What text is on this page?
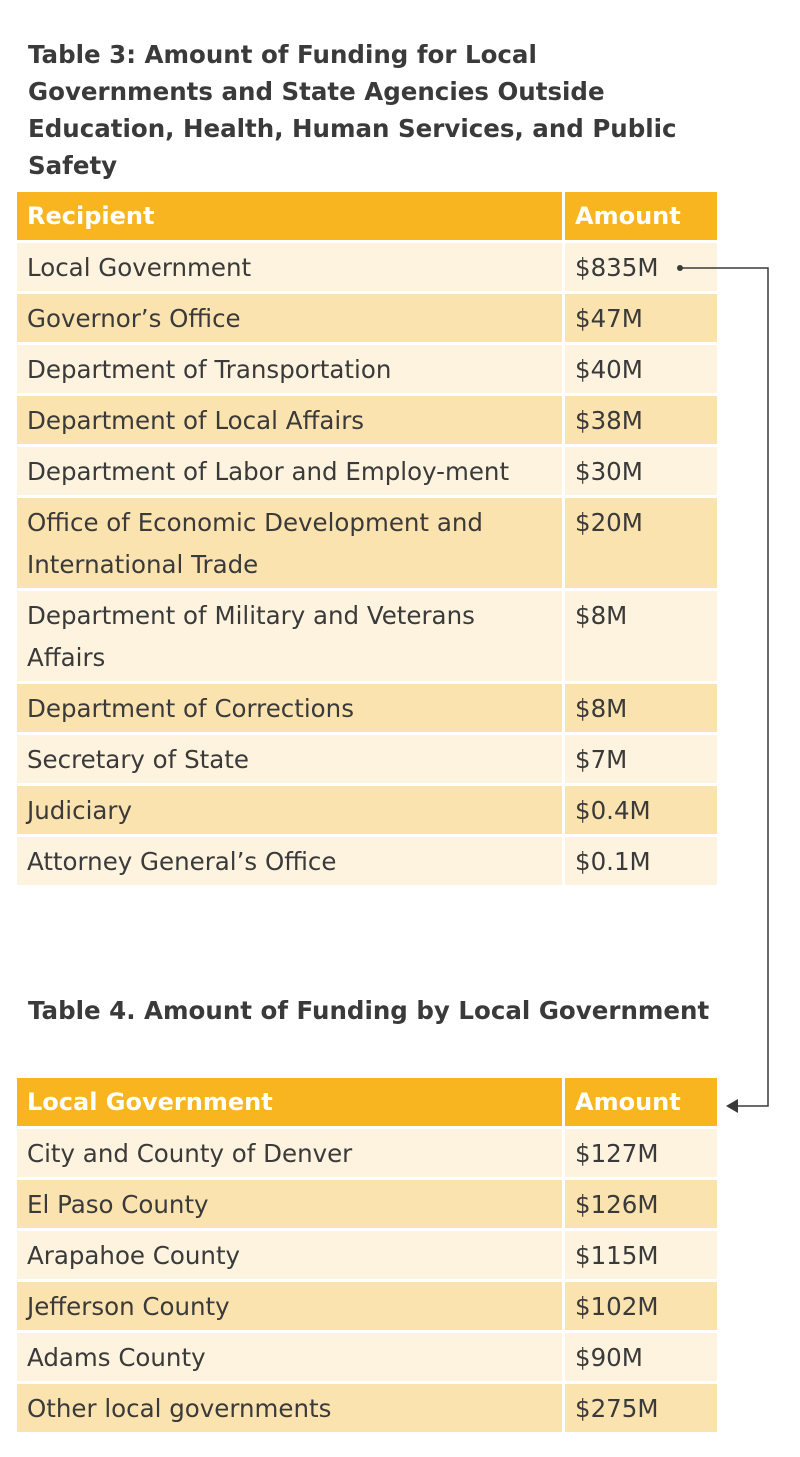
Table 3: Amount of Funding for Local Governments and State Agencies Outside Education, Health, Human Services, and Public Safety
Recipient	Amount
Local Government	$835M
Governor’s Office	$47M
Department of Transportation	$40M
Department of Local Affairs	$38M
Department of Labor and Employ-ment	$30M
Office of Economic Development and International Trade	$20M
Department of Military and Veterans Affairs	$8M
Department of Corrections	$8M
Secretary of State	$7M
Judiciary	$0.4M
Attorney General’s Office	$0.1M
Table 4. Amount of Funding by Local Government
Local Government	Amount
City and County of Denver	$127M
El Paso County	$126M
Arapahoe County	$115M
Jefferson County	$102M
Adams County	$90M
Other local governments	$275M
